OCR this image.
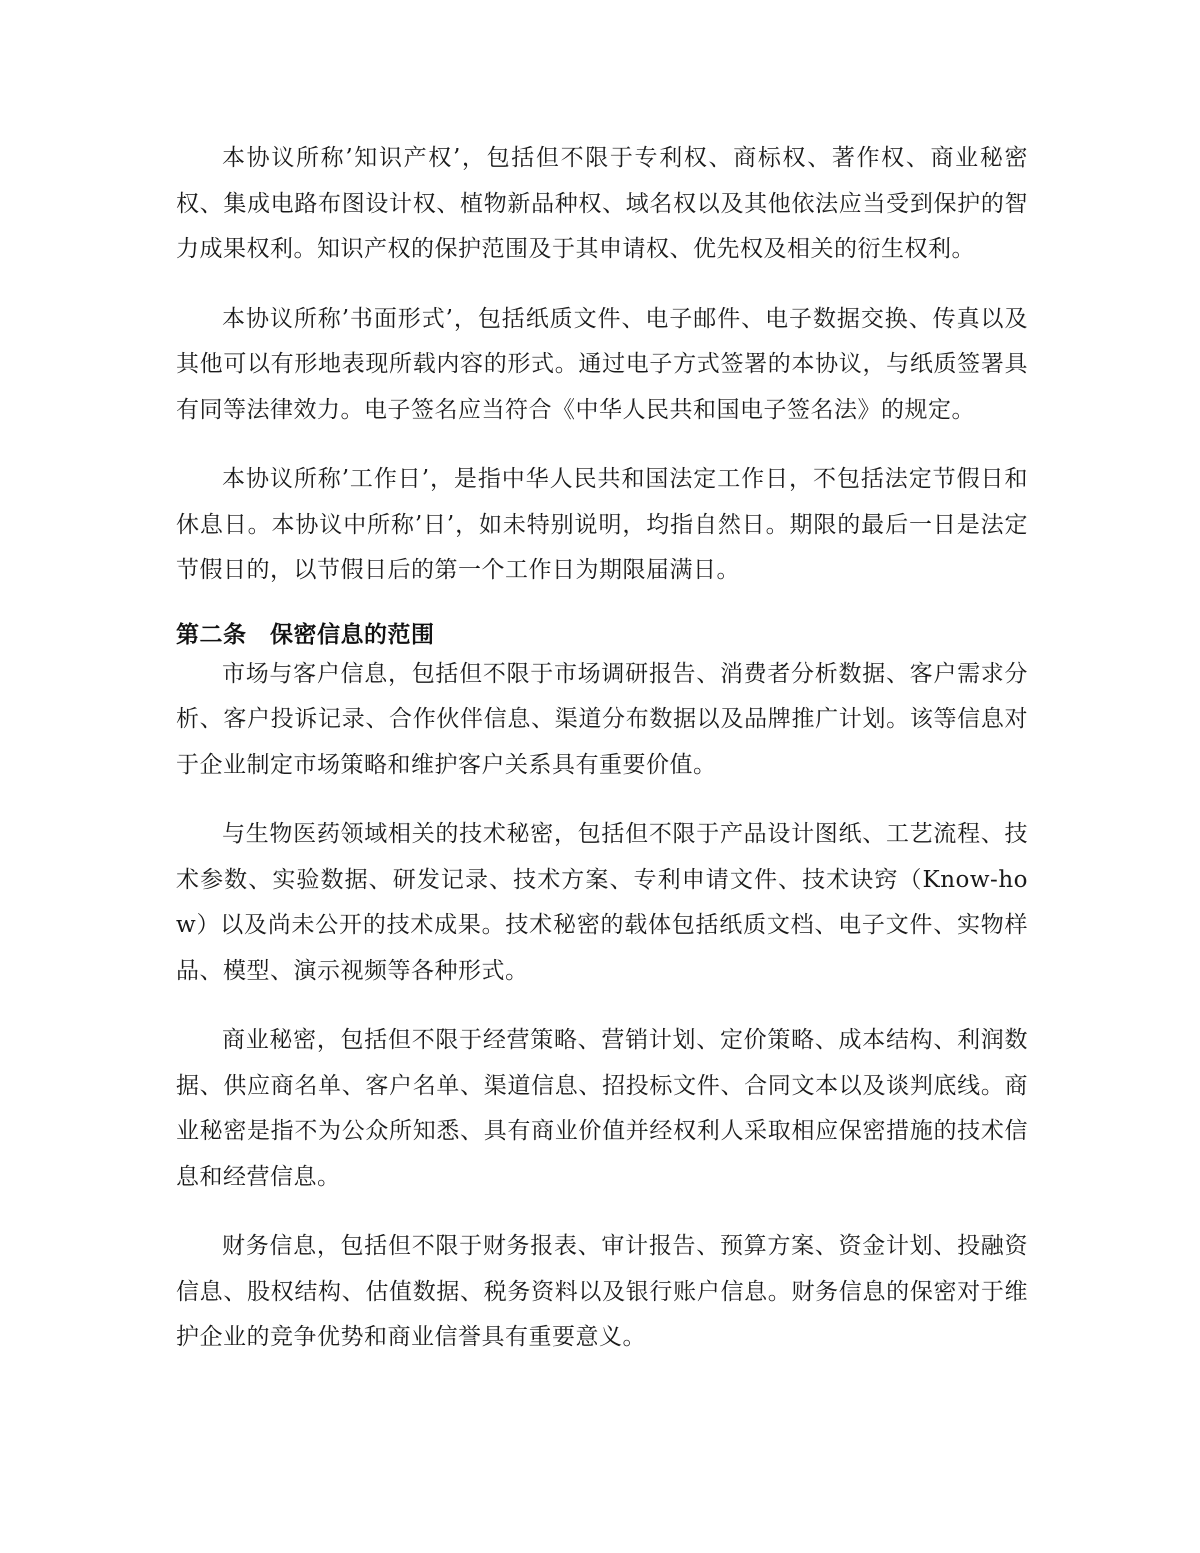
本协议所称’知识产权’，包括但不限于专利权、商标权、著作权、商业秘密权、集成电路布图设计权、植物新品种权、域名权以及其他依法应当受到保护的智力成果权利。知识产权的保护范围及于其申请权、优先权及相关的衍生权利。

本协议所称’书面形式’，包括纸质文件、电子邮件、电子数据交换、传真以及其他可以有形地表现所载内容的形式。通过电子方式签署的本协议，与纸质签署具有同等法律效力。电子签名应当符合《中华人民共和国电子签名法》的规定。

本协议所称’工作日’，是指中华人民共和国法定工作日，不包括法定节假日和休息日。本协议中所称’日’，如未特别说明，均指自然日。期限的最后一日是法定节假日的，以节假日后的第一个工作日为期限届满日。

第二条　保密信息的范围

市场与客户信息，包括但不限于市场调研报告、消费者分析数据、客户需求分析、客户投诉记录、合作伙伴信息、渠道分布数据以及品牌推广计划。该等信息对于企业制定市场策略和维护客户关系具有重要价值。

与生物医药领域相关的技术秘密，包括但不限于产品设计图纸、工艺流程、技术参数、实验数据、研发记录、技术方案、专利申请文件、技术诀窍（Know-how）以及尚未公开的技术成果。技术秘密的载体包括纸质文档、电子文件、实物样品、模型、演示视频等各种形式。

商业秘密，包括但不限于经营策略、营销计划、定价策略、成本结构、利润数据、供应商名单、客户名单、渠道信息、招投标文件、合同文本以及谈判底线。商业秘密是指不为公众所知悉、具有商业价值并经权利人采取相应保密措施的技术信息和经营信息。

财务信息，包括但不限于财务报表、审计报告、预算方案、资金计划、投融资信息、股权结构、估值数据、税务资料以及银行账户信息。财务信息的保密对于维护企业的竞争优势和商业信誉具有重要意义。
